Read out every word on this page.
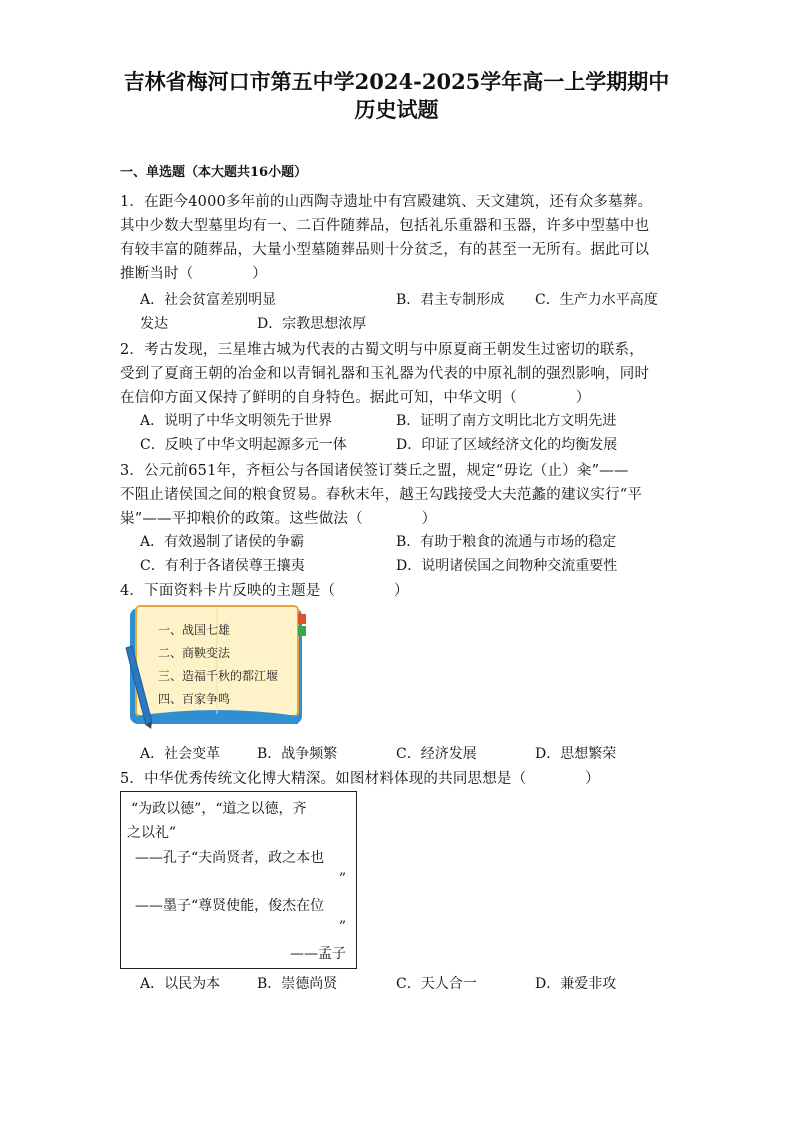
吉林省梅河口市第五中学2024-2025学年高一上学期期中
历史试题
一、单选题（本大题共16小题）
1．在距今4000多年前的山西陶寺遗址中有宫殿建筑、天文建筑，还有众多墓葬。
其中少数大型墓里均有一、二百件随葬品，包括礼乐重器和玉器，许多中型墓中也
有较丰富的随葬品，大量小型墓随葬品则十分贫乏，有的甚至一无所有。据此可以
推断当时（　　　　）
A．社会贫富差别明显	B．君主专制形成 C．生产力水平高度
发达	D．宗教思想浓厚
2．考古发现，三星堆古城为代表的古蜀文明与中原夏商王朝发生过密切的联系，
受到了夏商王朝的冶金和以青铜礼器和玉礼器为代表的中原礼制的强烈影响，同时
在信仰方面又保持了鲜明的自身特色。据此可知，中华文明（　　　　）
A．说明了中华文明领先于世界	B．证明了南方文明比北方文明先进
C．反映了中华文明起源多元一体	D．印证了区域经济文化的均衡发展
3．公元前651年，齐桓公与各国诸侯签订葵丘之盟，规定“毋讫（止）籴”——
不阻止诸侯国之间的粮食贸易。春秋末年，越王勾践接受大夫范蠡的建议实行“平
粜”——平抑粮价的政策。这些做法（　　　　）
A．有效遏制了诸侯的争霸	B．有助于粮食的流通与市场的稳定
C．有利于各诸侯尊王攘夷	D．说明诸侯国之间物种交流重要性
4．下面资料卡片反映的主题是（　　　　）
一、战国七雄
二、商鞅变法
三、造福千秋的都江堰
四、百家争鸣
A．社会变革	B．战争频繁	C．经济发展	D．思想繁荣
5．中华优秀传统文化博大精深。如图材料体现的共同思想是（　　　　）
“为政以德”，“道之以德，齐
之以礼”
——孔子“夫尚贤者，政之本也
”
——墨子“尊贤使能，俊杰在位
”
——孟子
A．以民为本	B．崇德尚贤	C．天人合一	D．兼爱非攻
